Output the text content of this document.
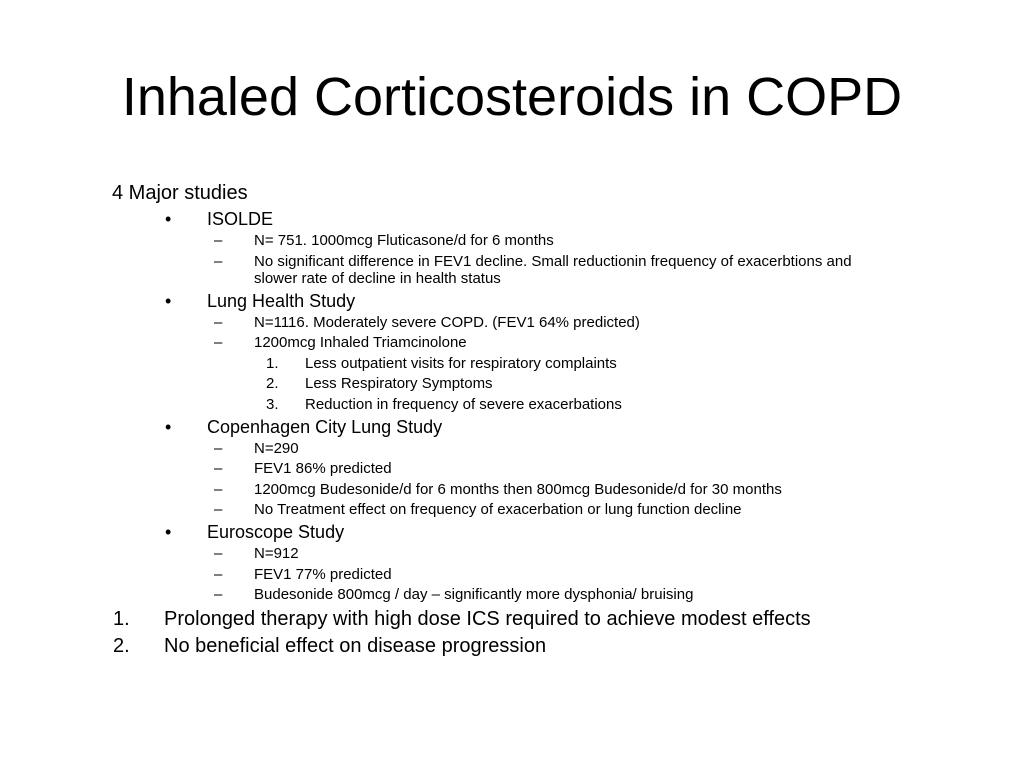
Inhaled Corticosteroids in COPD
4 Major studies
• ISOLDE
– N= 751. 1000mcg Fluticasone/d for 6 months
– No significant difference in FEV1 decline. Small reductionin frequency of exacerbtions and
slower rate of decline in health status
• Lung Health Study
– N=1116. Moderately severe COPD. (FEV1 64% predicted)
– 1200mcg Inhaled Triamcinolone
1. Less outpatient visits for respiratory complaints
2. Less Respiratory Symptoms
3. Reduction in frequency of severe exacerbations
• Copenhagen City Lung Study
– N=290
– FEV1 86% predicted
– 1200mcg Budesonide/d for 6 months then 800mcg Budesonide/d for 30 months
– No Treatment effect on frequency of exacerbation or lung function decline
• Euroscope Study
– N=912
– FEV1 77% predicted
– Budesonide 800mcg / day – significantly more dysphonia/ bruising
1. Prolonged therapy with high dose ICS required to achieve modest effects
2. No beneficial effect on disease progression
